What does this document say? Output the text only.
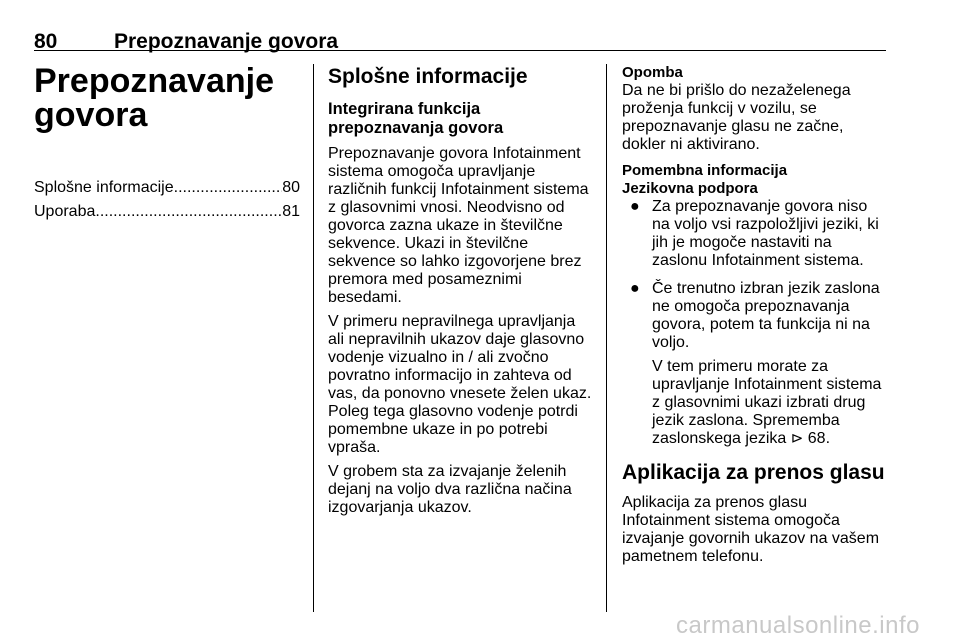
80	Prepoznavanje govora
Prepoznavanje
govora
Splošne informacije .....	80
Uporaba .....	81
Splošne informacije
Integrirana funkcija
prepoznavanja govora

Prepoznavanje govora Infotainment sistema omogoča upravljanje različnih funkcij Infotainment sistema z glasovnimi vnosi. Neodvisno od govorca zazna ukaze in številčne sekvence. Ukazi in številčne sekvence so lahko izgovorjene brez premora med posameznimi besedami.

V primeru nepravilnega upravljanja ali nepravilnih ukazov daje glasovno vodenje vizualno in / ali zvočno povratno informacijo in zahteva od vas, da ponovno vnesete želen ukaz. Poleg tega glasovno vodenje potrdi pomembne ukaze in po potrebi vpraša.

V grobem sta za izvajanje želenih dejanj na voljo dva različna načina izgovarjanja ukazov.

Opomba
Da ne bi prišlo do nezaželenega proženja funkcij v vozilu, se prepoznavanje glasu ne začne, dokler ni aktivirano.
Pomembna informacija
Jezikovna podpora
● Za prepoznavanje govora niso na voljo vsi razpoložljivi jeziki, ki jih je mogoče nastaviti na zaslonu Infotainment sistema.
● Če trenutno izbran jezik zaslona ne omogoča prepoznavanja govora, potem ta funkcija ni na voljo.

V tem primeru morate za upravljanje Infotainment sistema z glasovnimi ukazi izbrati drug jezik zaslona. Sprememba zaslonskega jezika ⊳ 68.

Aplikacija za prenos glasu

Aplikacija za prenos glasu Infotainment sistema omogoča izvajanje govornih ukazov na vašem pametnem telefonu.

carmanualsonline.info
